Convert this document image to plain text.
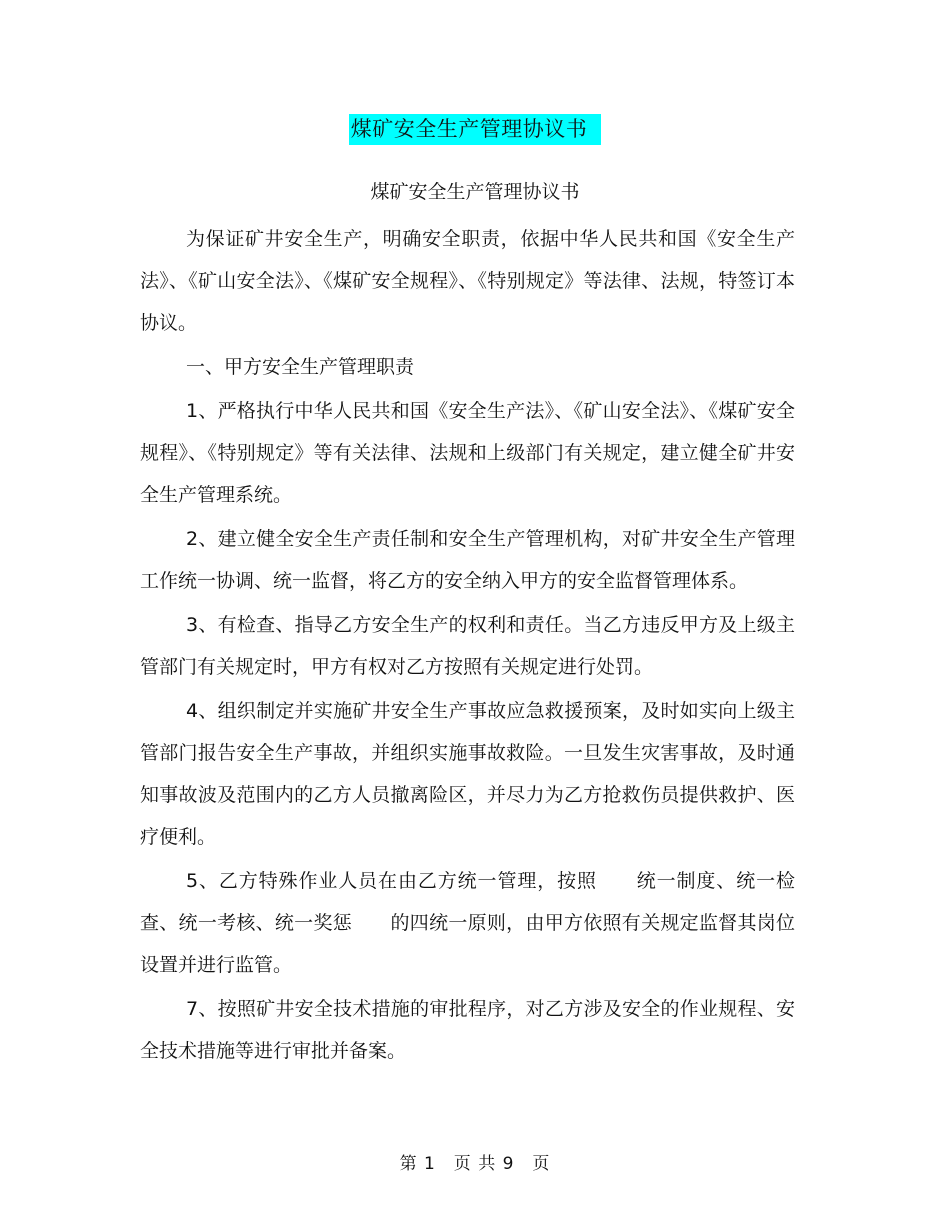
煤矿安全生产管理协议书
煤矿安全生产管理协议书

为保证矿井安全生产，明确安全职责，依据中华人民共和国《安全生产法》、《矿山安全法》、《煤矿安全规程》、《特别规定》等法律、法规，特签订本协议。

一、甲方安全生产管理职责

1、严格执行中华人民共和国《安全生产法》、《矿山安全法》、《煤矿安全规程》、《特别规定》等有关法律、法规和上级部门有关规定，建立健全矿井安全生产管理系统。

2、建立健全安全生产责任制和安全生产管理机构，对矿井安全生产管理工作统一协调、统一监督，将乙方的安全纳入甲方的安全监督管理体系。

3、有检查、指导乙方安全生产的权利和责任。当乙方违反甲方及上级主管部门有关规定时，甲方有权对乙方按照有关规定进行处罚。

4、组织制定并实施矿井安全生产事故应急救援预案，及时如实向上级主管部门报告安全生产事故，并组织实施事故救险。一旦发生灾害事故，及时通知事故波及范围内的乙方人员撤离险区，并尽力为乙方抢救伤员提供救护、医疗便利。

5、乙方特殊作业人员在由乙方统一管理，按照　　统一制度、统一检查、统一考核、统一奖惩　　的四统一原则，由甲方依照有关规定监督其岗位设置并进行监管。

7、按照矿井安全技术措施的审批程序，对乙方涉及安全的作业规程、安全技术措施等进行审批并备案。

第 1　页 共 9　页
